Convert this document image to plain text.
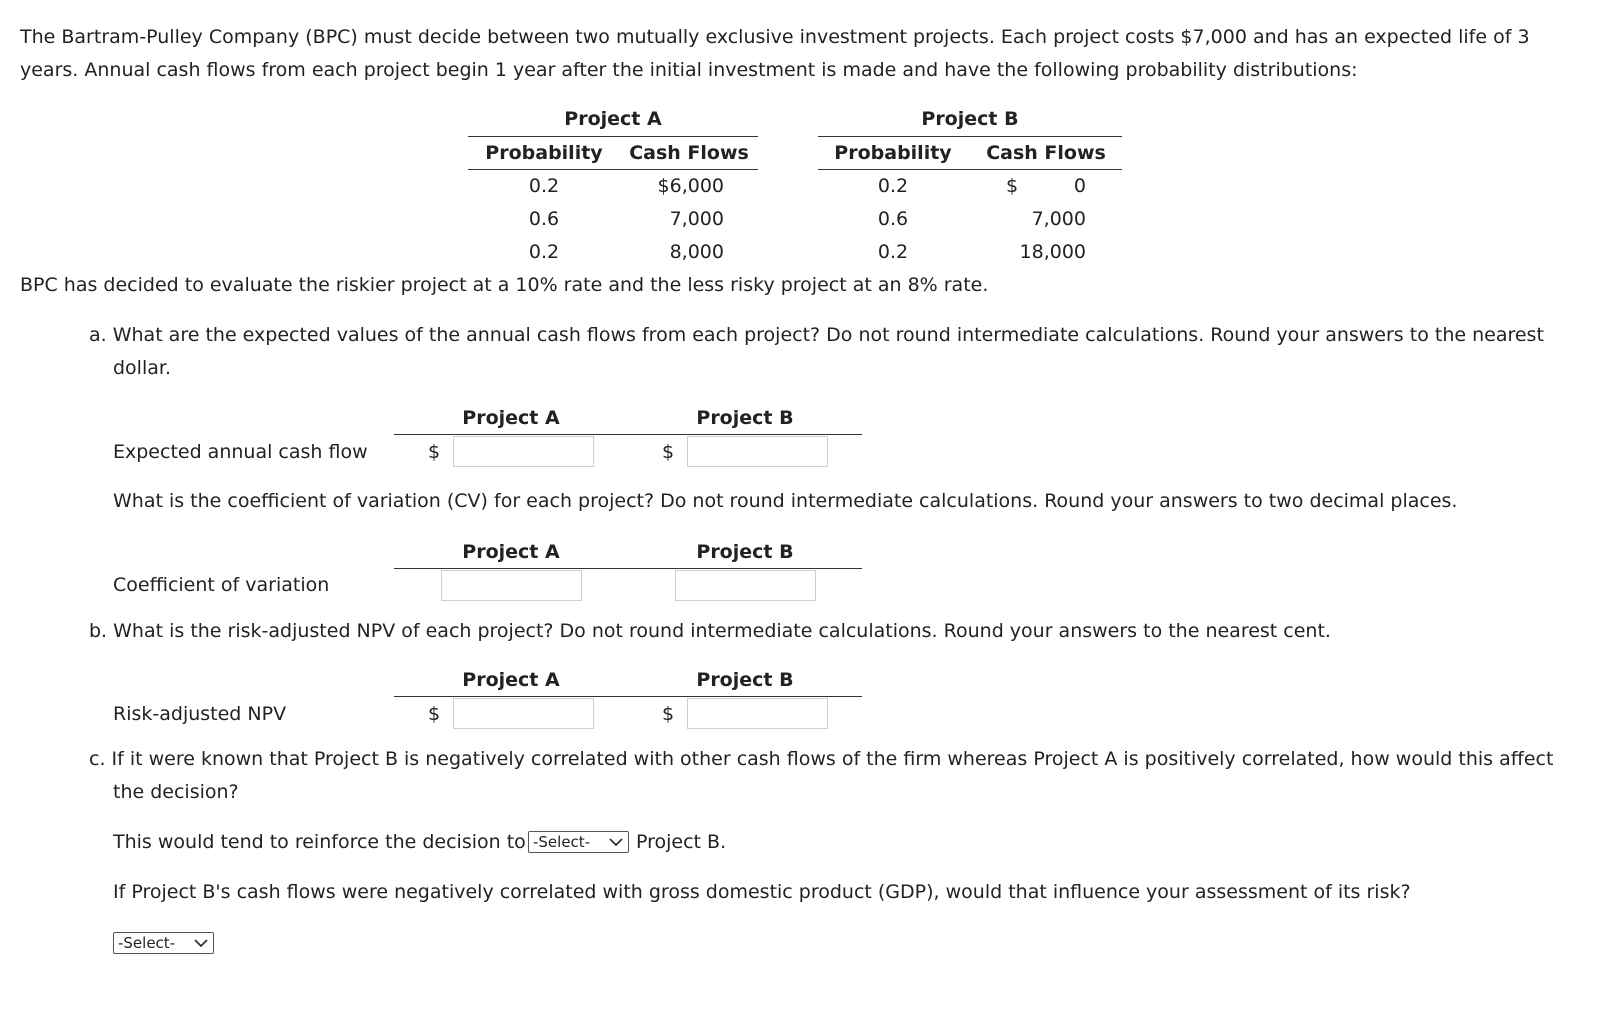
The Bartram-Pulley Company (BPC) must decide between two mutually exclusive investment projects. Each project costs $7,000 and has an expected life of 3
years. Annual cash flows from each project begin 1 year after the initial investment is made and have the following probability distributions:
Project A
Probability	Cash Flows
0.2	$6,000
0.6	7,000
0.2	8,000
Project B
Probability	Cash Flows
0.2	$	0
0.6	7,000
0.2	18,000
BPC has decided to evaluate the riskier project at a 10% rate and the less risky project at an 8% rate.
a. What are the expected values of the annual cash flows from each project? Do not round intermediate calculations. Round your answers to the nearest
dollar.
Project A	Project B
Expected annual cash flow	$	$
What is the coefficient of variation (CV) for each project? Do not round intermediate calculations. Round your answers to two decimal places.
Project A	Project B
Coefficient of variation
b. What is the risk-adjusted NPV of each project? Do not round intermediate calculations. Round your answers to the nearest cent.
Project A	Project B
Risk-adjusted NPV	$	$
c. If it were known that Project B is negatively correlated with other cash flows of the firm whereas Project A is positively correlated, how would this affect
the decision?
This would tend to reinforce the decision to -Select- Project B.
If Project B's cash flows were negatively correlated with gross domestic product (GDP), would that influence your assessment of its risk?
-Select-
